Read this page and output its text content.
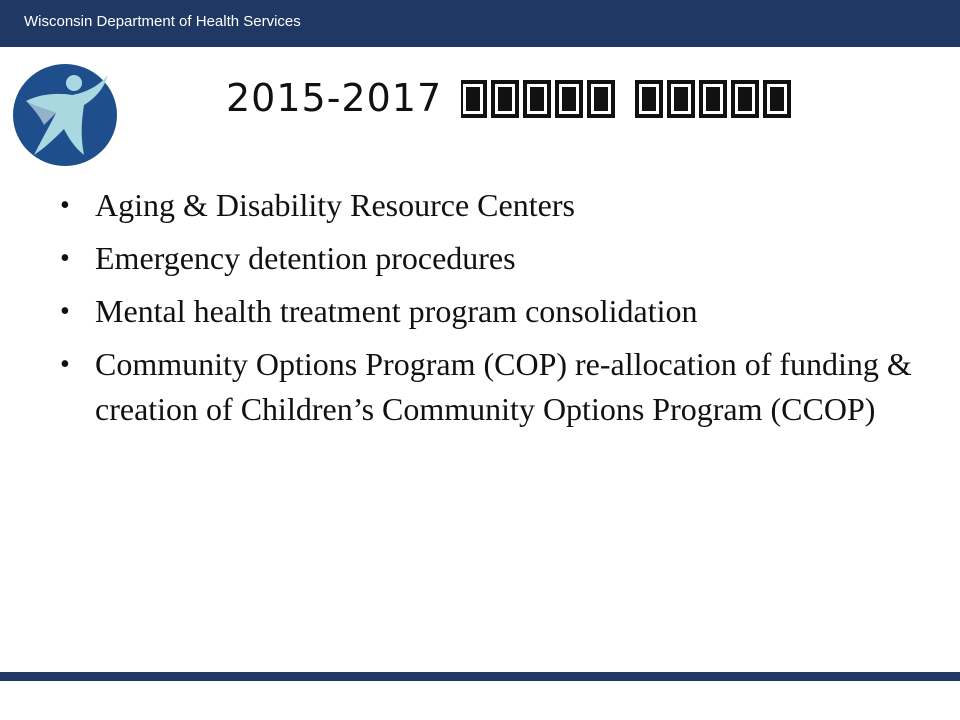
Wisconsin Department of Health Services
2015-2017
• Aging & Disability Resource Centers
• Emergency detention procedures
• Mental health treatment program consolidation
• Community Options Program (COP) re-allocation of funding & creation of Children’s Community Options Program (CCOP)
